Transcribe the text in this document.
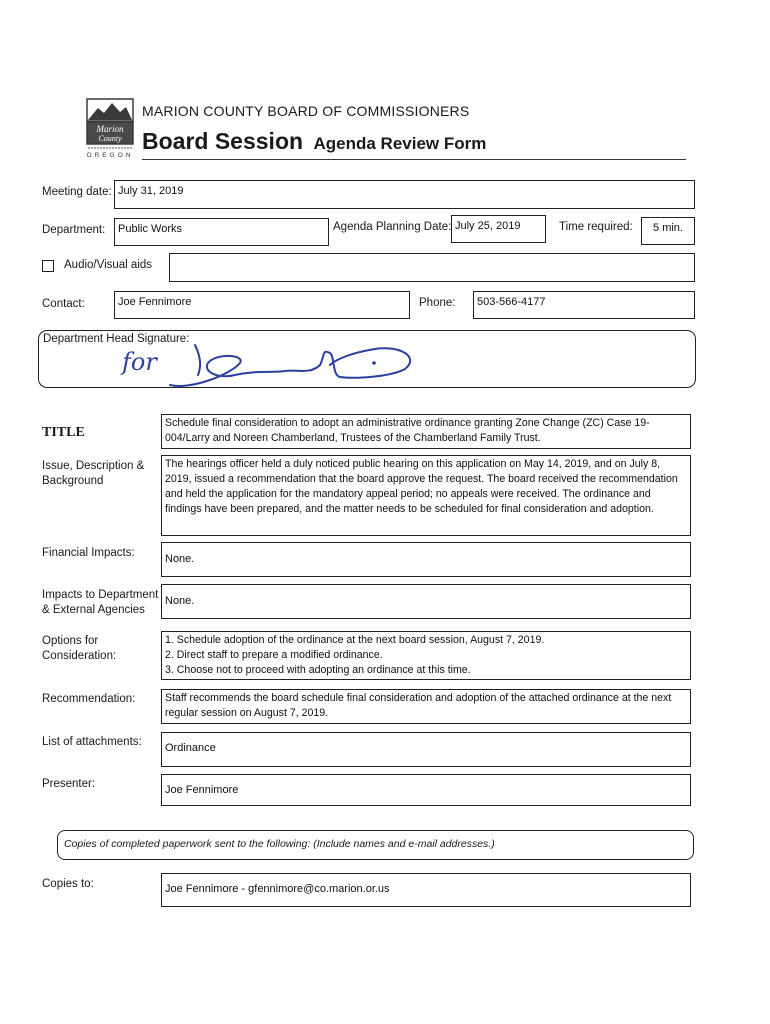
Marion
County
OREGON
MARION COUNTY BOARD OF COMMISSIONERS
Board Session Agenda Review Form
Meeting date: July 31, 2019
Department:	Public Works	Agenda Planning Date: July 25, 2019	Time required:	5 min.
Audio/Visual aids
Contact:	Joe Fennimore	Phone:	503-566-4177
Department Head Signature:
for
TITLE
Schedule final consideration to adopt an administrative ordinance granting Zone Change (ZC) Case 19-004/Larry and Noreen Chamberland, Trustees of the Chamberland Family Trust.
Issue, Description &
Background
The hearings officer held a duly noticed public hearing on this application on May 14, 2019, and on July 8, 2019, issued a recommendation that the board approve the request. The board received the recommendation and held the application for the mandatory appeal period; no appeals were received. The ordinance and findings have been prepared, and the matter needs to be scheduled for final consideration and adoption.
Financial Impacts:	None.
Impacts to Department
& External Agencies
None.
Options for
Consideration:
1. Schedule adoption of the ordinance at the next board session, August 7, 2019.
2. Direct staff to prepare a modified ordinance.
3. Choose not to proceed with adopting an ordinance at this time.
Recommendation:	Staff recommends the board schedule final consideration and adoption of the attached ordinance at the next regular session on August 7, 2019.
List of attachments:	Ordinance
Presenter:	Joe Fennimore
Copies of completed paperwork sent to the following: (Include names and e-mail addresses.)
Copies to:	Joe Fennimore - gfennimore@co.marion.or.us
